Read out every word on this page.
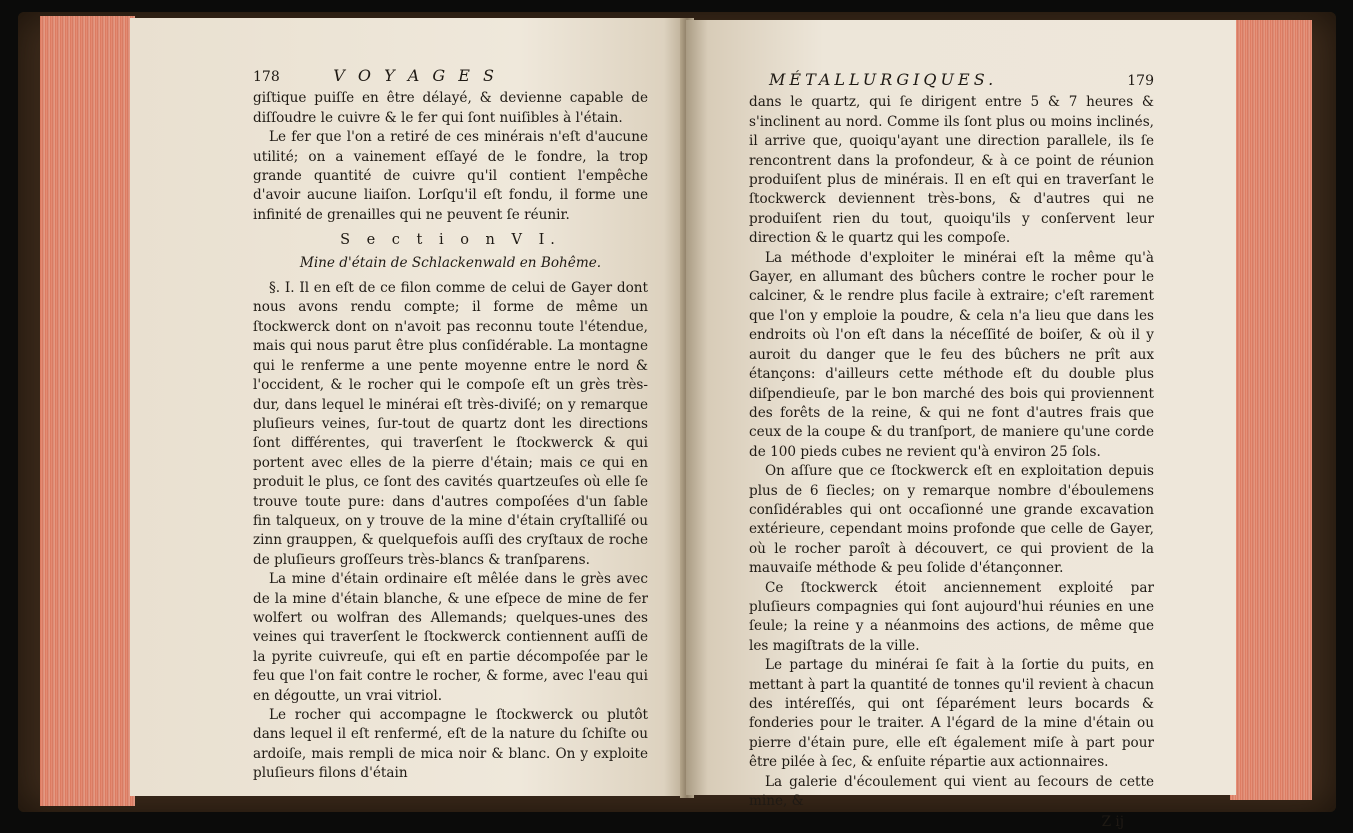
178	V O Y A G E S

giſtique puiſſe en être délayé, & devienne capable de diſſoudre le cuivre & le fer qui ſont nuiſibles à l'étain.

Le fer que l'on a retiré de ces minérais n'eſt d'aucune utilité; on a vainement eſſayé de le fondre, la trop grande quantité de cuivre qu'il contient l'empêche d'avoir aucune liaiſon. Lorſqu'il eſt fondu, il forme une infinité de grenailles qui ne peuvent ſe réunir.

S e c t i o n V I.
Mine d'étain de Schlackenwald en Bohême.

§. I. Il en eſt de ce filon comme de celui de Gayer dont nous avons rendu compte; il forme de même un ſtockwerck dont on n'avoit pas reconnu toute l'étendue, mais qui nous parut être plus conſidérable. La montagne qui le renferme a une pente moyenne entre le nord & l'occident, & le rocher qui le compoſe eſt un grès très-dur, dans lequel le minérai eſt très-diviſé; on y remarque pluſieurs veines, ſur-tout de quartz dont les directions ſont différentes, qui traverſent le ſtockwerck & qui portent avec elles de la pierre d'étain; mais ce qui en produit le plus, ce ſont des cavités quartzeuſes où elle ſe trouve toute pure: dans d'autres compoſées d'un ſable fin talqueux, on y trouve de la mine d'étain cryſtalliſé ou zinn grauppen, & quelquefois auſſi des cryſtaux de roche de pluſieurs groſſeurs très-blancs & tranſparens.

La mine d'étain ordinaire eſt mêlée dans le grès avec de la mine d'étain blanche, & une eſpece de mine de fer wolfert ou wolfran des Allemands; quelques-unes des veines qui traverſent le ſtockwerck contiennent auſſi de la pyrite cuivreuſe, qui eſt en partie décompoſée par le feu que l'on fait contre le rocher, & forme, avec l'eau qui en dégoutte, un vrai vitriol.

Le rocher qui accompagne le ſtockwerck ou plutôt dans lequel il eſt renfermé, eſt de la nature du ſchiſte ou ardoiſe, mais rempli de mica noir & blanc. On y exploite pluſieurs filons d'étain

MÉTALLURGIQUES.	179

dans le quartz, qui ſe dirigent entre 5 & 7 heures & s'inclinent au nord. Comme ils ſont plus ou moins inclinés, il arrive que, quoiqu'ayant une direction parallele, ils ſe rencontrent dans la profondeur, & à ce point de réunion produiſent plus de minérais. Il en eſt qui en traverſant le ſtockwerck deviennent très-bons, & d'autres qui ne produiſent rien du tout, quoiqu'ils y conſervent leur direction & le quartz qui les compoſe.

La méthode d'exploiter le minérai eſt la même qu'à Gayer, en allumant des bûchers contre le rocher pour le calciner, & le rendre plus facile à extraire; c'eſt rarement que l'on y emploie la poudre, & cela n'a lieu que dans les endroits où l'on eſt dans la néceſſité de boiſer, & où il y auroit du danger que le feu des bûchers ne prît aux étançons: d'ailleurs cette méthode eſt du double plus diſpendieuſe, par le bon marché des bois qui proviennent des forêts de la reine, & qui ne font d'autres frais que ceux de la coupe & du tranſport, de maniere qu'une corde de 100 pieds cubes ne revient qu'à environ 25 ſols.

On aſſure que ce ſtockwerck eſt en exploitation depuis plus de 6 ſiecles; on y remarque nombre d'éboulemens conſidérables qui ont occaſionné une grande excavation extérieure, cependant moins profonde que celle de Gayer, où le rocher paroît à découvert, ce qui provient de la mauvaiſe méthode & peu ſolide d'étançonner.

Ce ſtockwerck étoit anciennement exploité par pluſieurs compagnies qui ſont aujourd'hui réunies en une ſeule; la reine y a néanmoins des actions, de même que les magiſtrats de la ville.

Le partage du minérai ſe fait à la ſortie du puits, en mettant à part la quantité de tonnes qu'il revient à chacun des intéreſſés, qui ont ſéparément leurs bocards & fonderies pour le traiter. A l'égard de la mine d'étain ou pierre d'étain pure, elle eſt également miſe à part pour être pilée à ſec, & enſuite répartie aux actionnaires.

La galerie d'écoulement qui vient au ſecours de cette mine, &

Z ij
